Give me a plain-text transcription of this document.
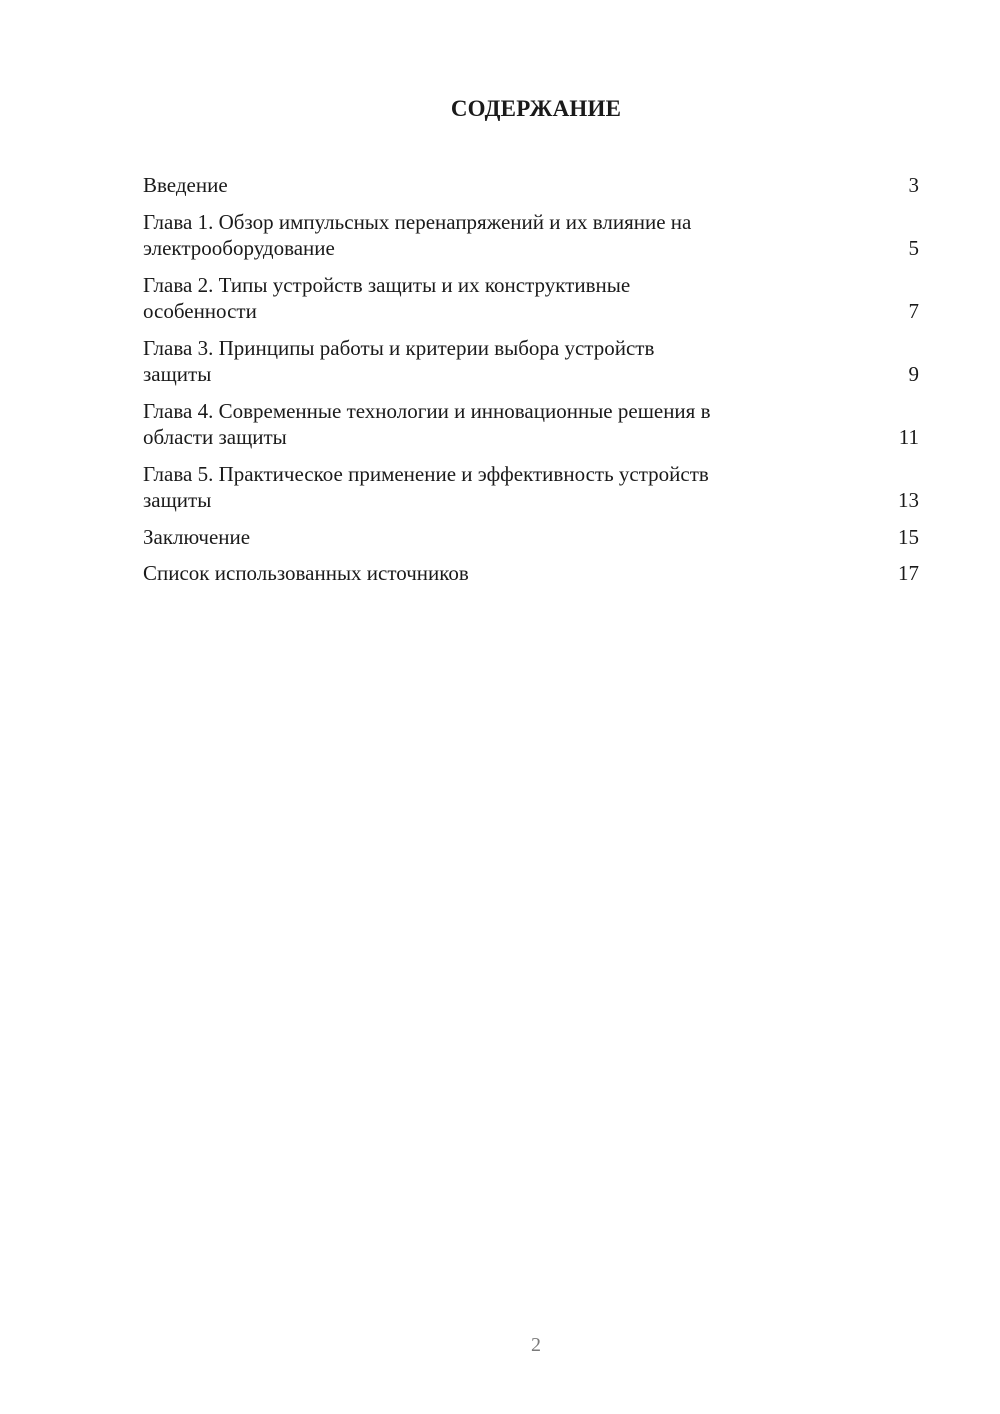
СОДЕРЖАНИЕ
Введение	3
Глава 1. Обзор импульсных перенапряжений и их влияние на
электрооборудование	5
Глава 2. Типы устройств защиты и их конструктивные
особенности	7
Глава 3. Принципы работы и критерии выбора устройств
защиты	9
Глава 4. Современные технологии и инновационные решения в
области защиты	11
Глава 5. Практическое применение и эффективность устройств
защиты	13
Заключение	15
Список использованных источников	17
2
